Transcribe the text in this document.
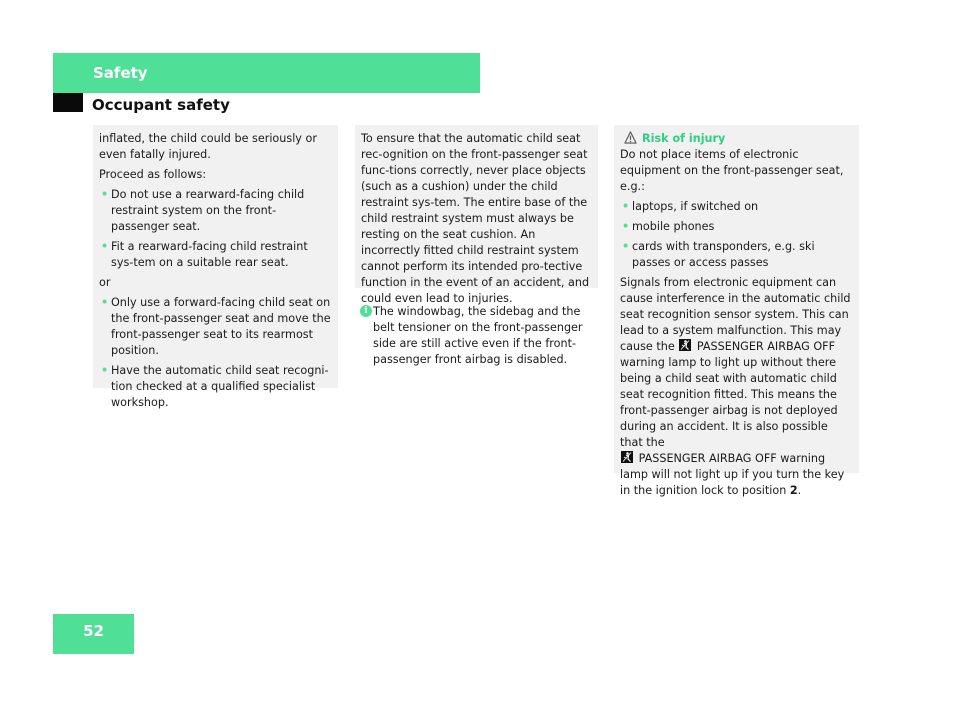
Safety
Occupant safety

inflated, the child could be seriously or even fatally injured.

Proceed as follows:

• Do not use a rearward-facing child restraint system on the front-passenger seat.
• Fit a rearward-facing child restraint sys-tem on a suitable rear seat.

or

• Only use a forward-facing child seat on the front-passenger seat and move the front-passenger seat to its rearmost position.
• Have the automatic child seat recogni-tion checked at a qualified specialist workshop.

To ensure that the automatic child seat rec-ognition on the front-passenger seat func-tions correctly, never place objects (such as a cushion) under the child restraint sys-tem. The entire base of the child restraint system must always be resting on the seat cushion. An incorrectly fitted child restraint system cannot perform its intended pro-tective function in the event of an accident, and could even lead to injuries.

i The windowbag, the sidebag and the belt tensioner on the front-passenger side are still active even if the front-passenger front airbag is disabled.

Risk of injury

Do not place items of electronic equipment on the front-passenger seat, e.g.:

• laptops, if switched on
• mobile phones
• cards with transponders, e.g. ski passes or access passes

Signals from electronic equipment can cause interference in the automatic child seat recognition sensor system. This can lead to a system malfunction. This may cause the PASSENGER AIRBAG OFF warning lamp to light up without there being a child seat with automatic child seat recognition fitted. This means the front-passenger airbag is not deployed during an accident. It is also possible that the

PASSENGER AIRBAG OFF warning lamp will not light up if you turn the key in the ignition lock to position 2.

52
